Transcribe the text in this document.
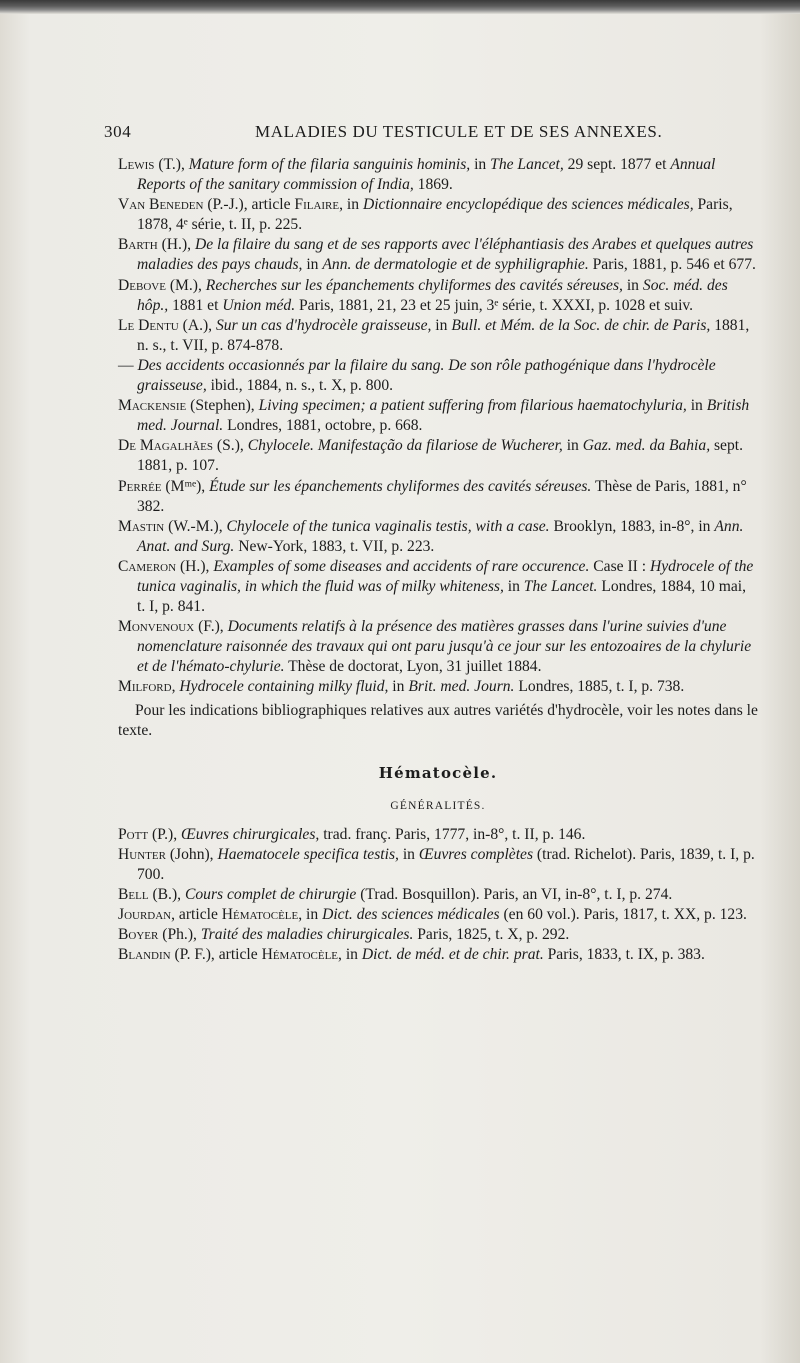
304	MALADIES DU TESTICULE ET DE SES ANNEXES.

Lewis (T.), Mature form of the filaria sanguinis hominis, in The Lancet, 29 sept. 1877 et Annual Reports of the sanitary commission of India, 1869.

Van Beneden (P.-J.), article Filaire, in Dictionnaire encyclopédique des sciences médicales, Paris, 1878, 4ᵉ série, t. II, p. 225.

Barth (H.), De la filaire du sang et de ses rapports avec l'éléphantiasis des Arabes et quelques autres maladies des pays chauds, in Ann. de dermatologie et de syphiligraphie. Paris, 1881, p. 546 et 677.

Debove (M.), Recherches sur les épanchements chyliformes des cavités séreuses, in Soc. méd. des hôp., 1881 et Union méd. Paris, 1881, 21, 23 et 25 juin, 3ᵉ série, t. XXXI, p. 1028 et suiv.

Le Dentu (A.), Sur un cas d'hydrocèle graisseuse, in Bull. et Mém. de la Soc. de chir. de Paris, 1881, n. s., t. VII, p. 874-878.

— Des accidents occasionnés par la filaire du sang. De son rôle pathogénique dans l'hydrocèle graisseuse, ibid., 1884, n. s., t. X, p. 800.

Mackensie (Stephen), Living specimen; a patient suffering from filarious haematochyluria, in British med. Journal. Londres, 1881, octobre, p. 668.

De Magalhães (S.), Chylocele. Manifestação da filariose de Wucherer, in Gaz. med. da Bahia, sept. 1881, p. 107.

Perrée (Mᵐᵉ), Étude sur les épanchements chyliformes des cavités séreuses. Thèse de Paris, 1881, n° 382.

Mastin (W.-M.), Chylocele of the tunica vaginalis testis, with a case. Brooklyn, 1883, in-8°, in Ann. Anat. and Surg. New-York, 1883, t. VII, p. 223.

Cameron (H.), Examples of some diseases and accidents of rare occurence. Case II : Hydrocele of the tunica vaginalis, in which the fluid was of milky whiteness, in The Lancet. Londres, 1884, 10 mai, t. I, p. 841.

Monvenoux (F.), Documents relatifs à la présence des matières grasses dans l'urine suivies d'une nomenclature raisonnée des travaux qui ont paru jusqu'à ce jour sur les entozoaires de la chylurie et de l'hémato-chylurie. Thèse de doctorat, Lyon, 31 juillet 1884.

Milford, Hydrocele containing milky fluid, in Brit. med. Journ. Londres, 1885, t. I, p. 738.

Pour les indications bibliographiques relatives aux autres variétés d'hydrocèle, voir les notes dans le texte.

Hématocèle.
GÉNÉRALITÉS.

Pott (P.), Œuvres chirurgicales, trad. franç. Paris, 1777, in-8°, t. II, p. 146.

Hunter (John), Haematocele specifica testis, in Œuvres complètes (trad. Richelot). Paris, 1839, t. I, p. 700.

Bell (B.), Cours complet de chirurgie (Trad. Bosquillon). Paris, an VI, in-8°, t. I, p. 274.

Jourdan, article Hématocèle, in Dict. des sciences médicales (en 60 vol.). Paris, 1817, t. XX, p. 123.

Boyer (Ph.), Traité des maladies chirurgicales. Paris, 1825, t. X, p. 292.

Blandin (P. F.), article Hématocèle, in Dict. de méd. et de chir. prat. Paris, 1833, t. IX, p. 383.
